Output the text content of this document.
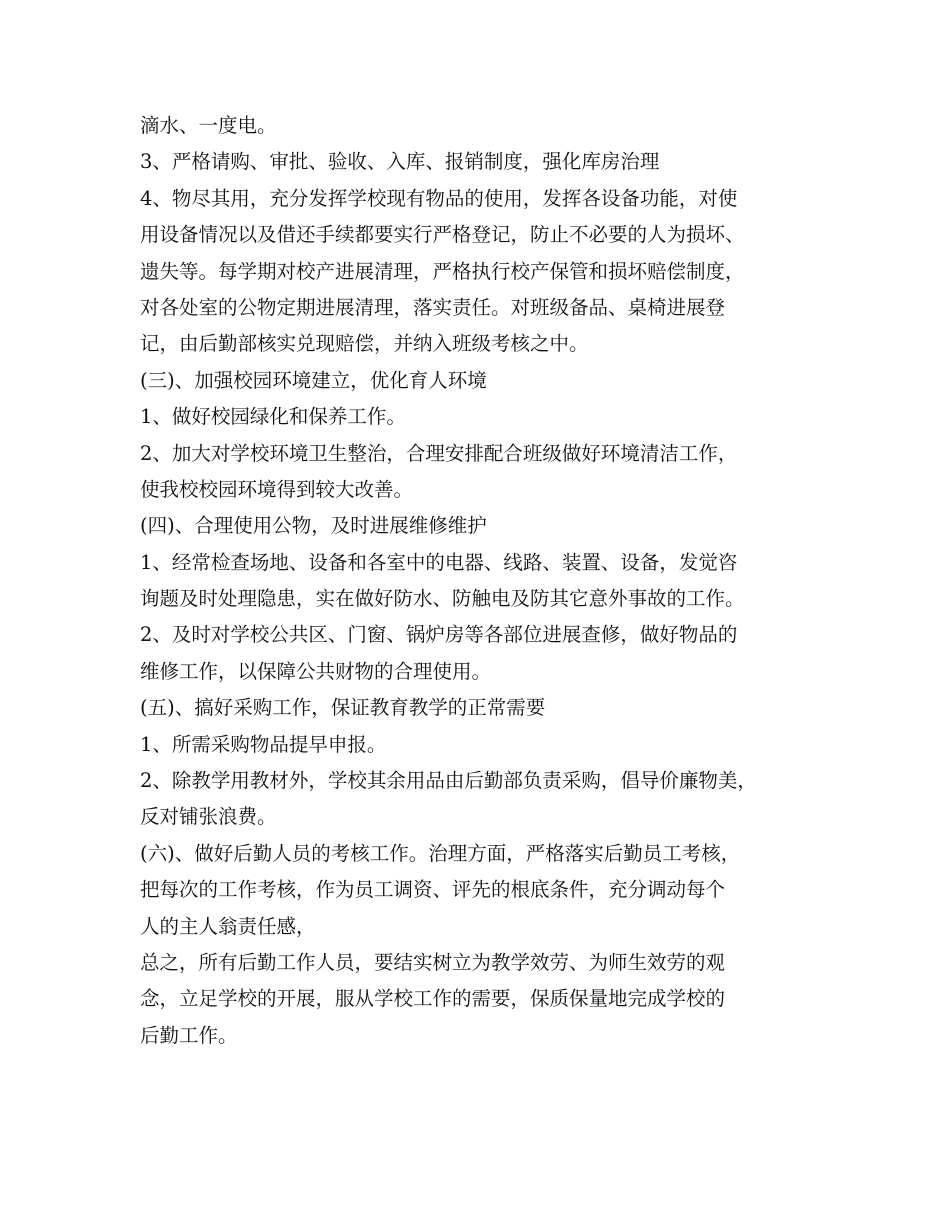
滴水、一度电。
3、严格请购、审批、验收、入库、报销制度，强化库房治理
4、物尽其用，充分发挥学校现有物品的使用，发挥各设备功能，对使
用设备情况以及借还手续都要实行严格登记，防止不必要的人为损坏、
遗失等。每学期对校产进展清理，严格执行校产保管和损坏赔偿制度，
对各处室的公物定期进展清理，落实责任。对班级备品、桌椅进展登
记，由后勤部核实兑现赔偿，并纳入班级考核之中。
(三)、加强校园环境建立，优化育人环境
1、做好校园绿化和保养工作。
2、加大对学校环境卫生整治，合理安排配合班级做好环境清洁工作，
使我校校园环境得到较大改善。
(四)、合理使用公物，及时进展维修维护
1、经常检查场地、设备和各室中的电器、线路、装置、设备，发觉咨
询题及时处理隐患，实在做好防水、防触电及防其它意外事故的工作。
2、及时对学校公共区、门窗、锅炉房等各部位进展查修，做好物品的
维修工作，以保障公共财物的合理使用。
(五)、搞好采购工作，保证教育教学的正常需要
1、所需采购物品提早申报。
2、除教学用教材外，学校其余用品由后勤部负责采购，倡导价廉物美，
反对铺张浪费。
(六)、做好后勤人员的考核工作。治理方面，严格落实后勤员工考核，
把每次的工作考核，作为员工调资、评先的根底条件，充分调动每个
人的主人翁责任感，
总之，所有后勤工作人员，要结实树立为教学效劳、为师生效劳的观
念，立足学校的开展，服从学校工作的需要，保质保量地完成学校的
后勤工作。
